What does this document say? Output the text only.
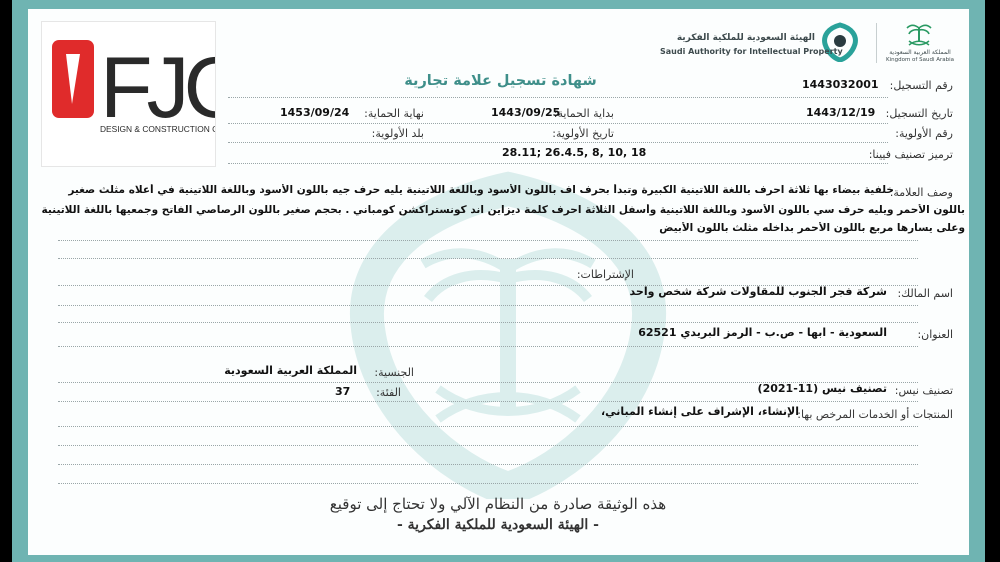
FJC
DESIGN & CONSTRUCTION CO.
الهيئة السعودية للملكية الفكرية
Saudi Authority for Intellectual Property	المملكة العربية السعودية
Kingdom of Saudi Arabia
شهادة تسجيل علامة تجارية	رقم التسجيل:
1443032001
تاريخ التسجيل:
1443/12/19
بداية الحماية:
1443/09/25
نهاية الحماية:
1453/09/24
رقم الأولوية:
تاريخ الأولوية:
بلد الأولوية:
ترميز تصنيف فيينا:
28.11; 26.4.5, 8, 10, 18
وصف العلامة:
خلفية بيضاء بها ثلاثة احرف باللغة اللاتينية الكبيرة وتبدأ بحرف اف باللون الأسود وباللغة اللاتينية يليه حرف جيه باللون الأسود وباللغة اللاتينية في أعلاه مثلث صغير
باللون الأحمر ويليه حرف سي باللون الأسود وباللغة اللاتينية وأسفل الثلاثة احرف كلمة ديزاين اند كونستراكشن كومباني . بحجم صغير باللون الرصاصي الفاتح وجمعيها باللغة اللاتينية
وعلى يسارها مربع باللون الأحمر بداخله مثلث باللون الأبيض
الإشتراطات:
اسم المالك:
شركة فجر الجنوب للمقاولات شركة شخص واحد
العنوان:
السعودية - ابها - ص.ب - الرمز البريدي 62521
الجنسية:
المملكة العربية السعودية
تصنيف نيس:
تصنيف نيس (11-2021)
الفئة:
37
المنتجات أو الخدمات المرخص بها:
الإنشاء، الإشراف على إنشاء المباني،
هذه الوثيقة صادرة من النظام الآلي ولا تحتاج إلى توقيع
- الهيئة السعودية للملكية الفكرية -
